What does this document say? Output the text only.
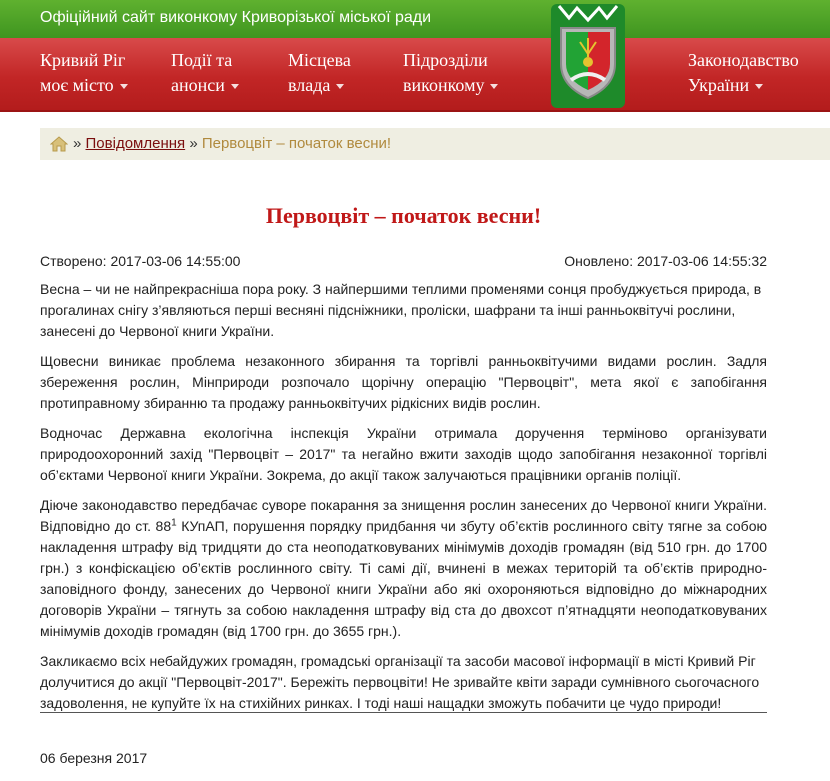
Офіційний сайт виконкому Криворізької міської ради
Кривий Ріг
моє місто
Події та
анонси
Місцева
влада
Підрозділи
виконкому
Законодавство
України
» Повідомлення » Первоцвіт – початок весни!
Первоцвіт – початок весни!
Створено: 2017-03-06 14:55:00	Оновлено: 2017-03-06 14:55:32

Весна – чи не найпрекрасніша пора року. З найпершими теплими променями сонця пробуджується природа, в прогалинах снігу з’являються перші весняні підсніжники, проліски, шафрани та інші ранньоквітучі рослини, занесені до Червоної книги України.

Щовесни виникає проблема незаконного збирання та торгівлі ранньоквітучими видами рослин. Задля збереження рослин, Мінприроди розпочало щорічну операцію "Первоцвіт", мета якої є запобігання протиправному збиранню та продажу ранньоквітучих рідкісних видів рослин.

Водночас Державна екологічна інспекція України отримала доручення терміново організувати природоохоронний захід "Первоцвіт – 2017" та негайно вжити заходів щодо запобігання незаконної торгівлі об’єктами Червоної книги України. Зокрема, до акції також залучаються працівники органів поліції.

Діюче законодавство передбачає суворе покарання за знищення рослин занесених до Червоної книги України. Відповідно до ст. $88^1$ КУпАП, порушення порядку придбання чи збуту об’єктів рослинного світу тягне за собою накладення штрафу від тридцяти до ста неоподатковуваних мінімумів доходів громадян (від 510 грн. до 1700 грн.) з конфіскацією об’єктів рослинного світу. Ті самі дії, вчинені в межах територій та об’єктів природно-заповідного фонду, занесених до Червоної книги України або які охороняються відповідно до міжнародних договорів України – тягнуть за собою накладення штрафу від ста до двохсот п’ятнадцяти неоподатковуваних мінімумів доходів громадян (від 1700 грн. до 3655 грн.).

Закликаємо всіх небайдужих громадян, громадські організації та засоби масової інформації в місті Кривий Ріг долучитися до акції "Первоцвіт-2017". Бережіть первоцвіти! Не зривайте квіти заради сумнівного сьогочасного задоволення, не купуйте їх на стихійних ринках. І тоді наші нащадки зможуть побачити це чудо природи!

06 березня 2017
